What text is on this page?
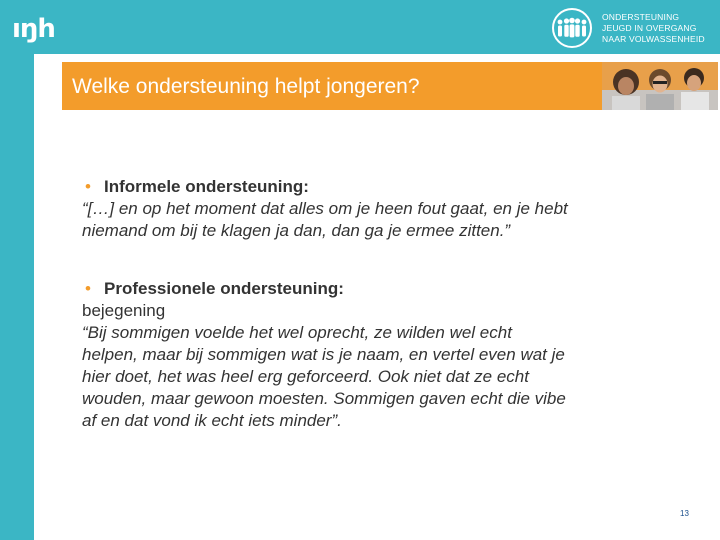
ıŋh	ONDERSTEUNING
JEUGD IN OVERGANG
NAAR VOLWASSENHEID
Welke ondersteuning helpt jongeren?
• Informele ondersteuning:
“[…] en op het moment dat alles om je heen fout gaat, en je hebt
niemand om bij te klagen ja dan, dan ga je ermee zitten.”
• Professionele ondersteuning:
bejegening
“Bij sommigen voelde het wel oprecht, ze wilden wel echt
helpen, maar bij sommigen wat is je naam, en vertel even wat je
hier doet, het was heel erg geforceerd. Ook niet dat ze echt
wouden, maar gewoon moesten. Sommigen gaven echt die vibe
af en dat vond ik echt iets minder”.
13
